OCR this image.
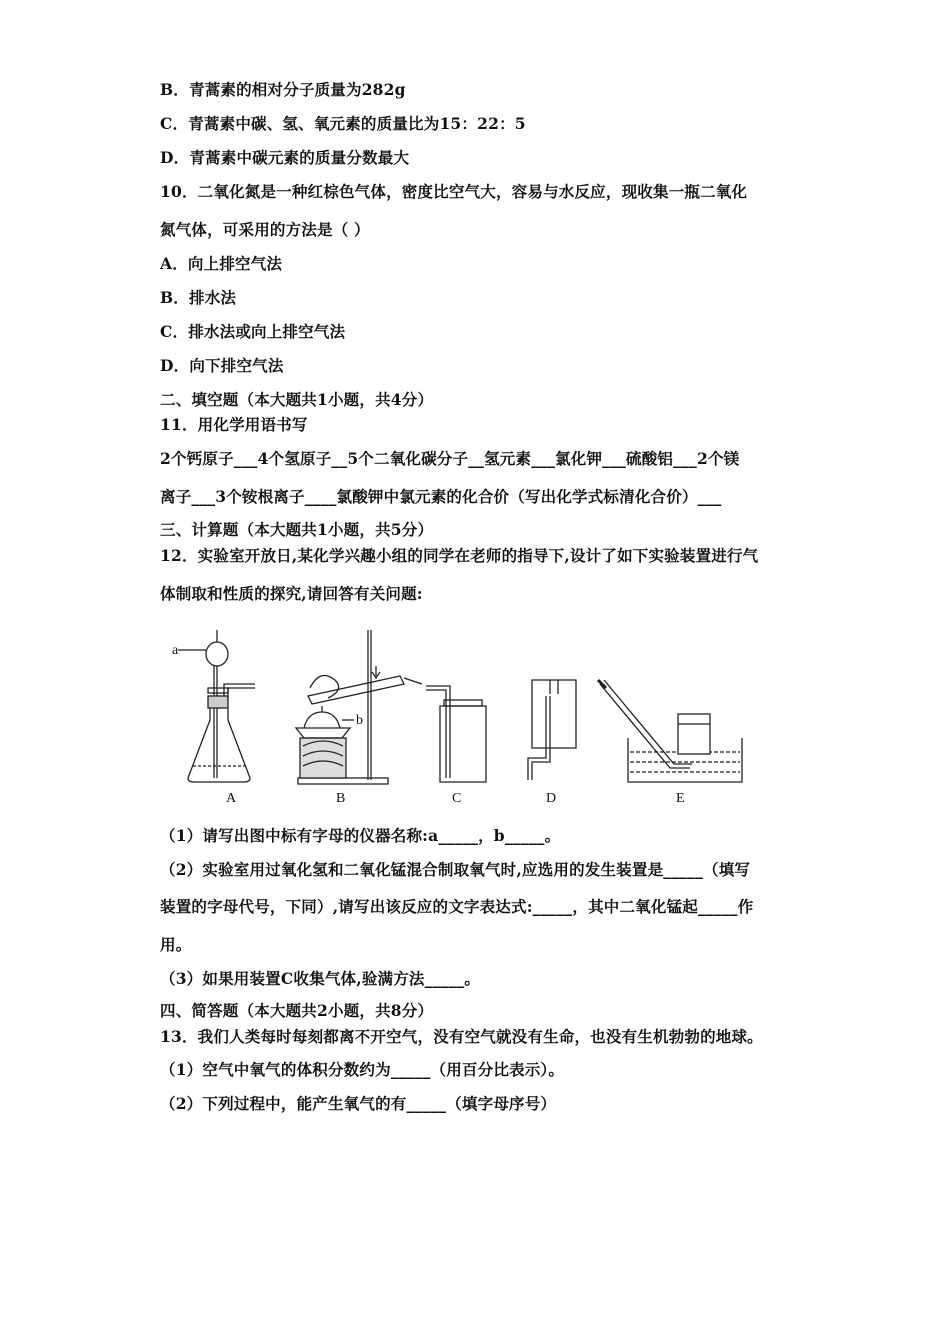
B．青蒿素的相对分子质量为282g
C．青蒿素中碳、氢、氧元素的质量比为15：22：5
D．青蒿素中碳元素的质量分数最大
10．二氧化氮是一种红棕色气体，密度比空气大，容易与水反应，现收集一瓶二氧化
氮气体，可采用的方法是（ ）
A．向上排空气法
B．排水法
C．排水法或向上排空气法
D．向下排空气法
二、填空题（本大题共1小题，共4分）
11．用化学用语书写
2个钙原子___4个氢原子__5个二氧化碳分子__氢元素___氯化钾___硫酸铝___2个镁
离子___3个铵根离子____氯酸钾中氯元素的化合价（写出化学式标清化合价）___
三、计算题（本大题共1小题，共5分）
12．实验室开放日,某化学兴趣小组的同学在老师的指导下,设计了如下实验装置进行气
体制取和性质的探究,请回答有关问题:
a
A
b
B	C	D	E
（1）请写出图中标有字母的仪器名称:a_____，b_____。
（2）实验室用过氧化氢和二氧化锰混合制取氧气时,应选用的发生装置是_____（填写
装置的字母代号，下同）,请写出该反应的文字表达式:_____，其中二氧化锰起_____作
用。
（3）如果用装置C收集气体,验满方法_____。
四、简答题（本大题共2小题，共8分）
13．我们人类每时每刻都离不开空气，没有空气就没有生命，也没有生机勃勃的地球。
（1）空气中氧气的体积分数约为_____（用百分比表示）。
（2）下列过程中，能产生氧气的有_____（填字母序号）
